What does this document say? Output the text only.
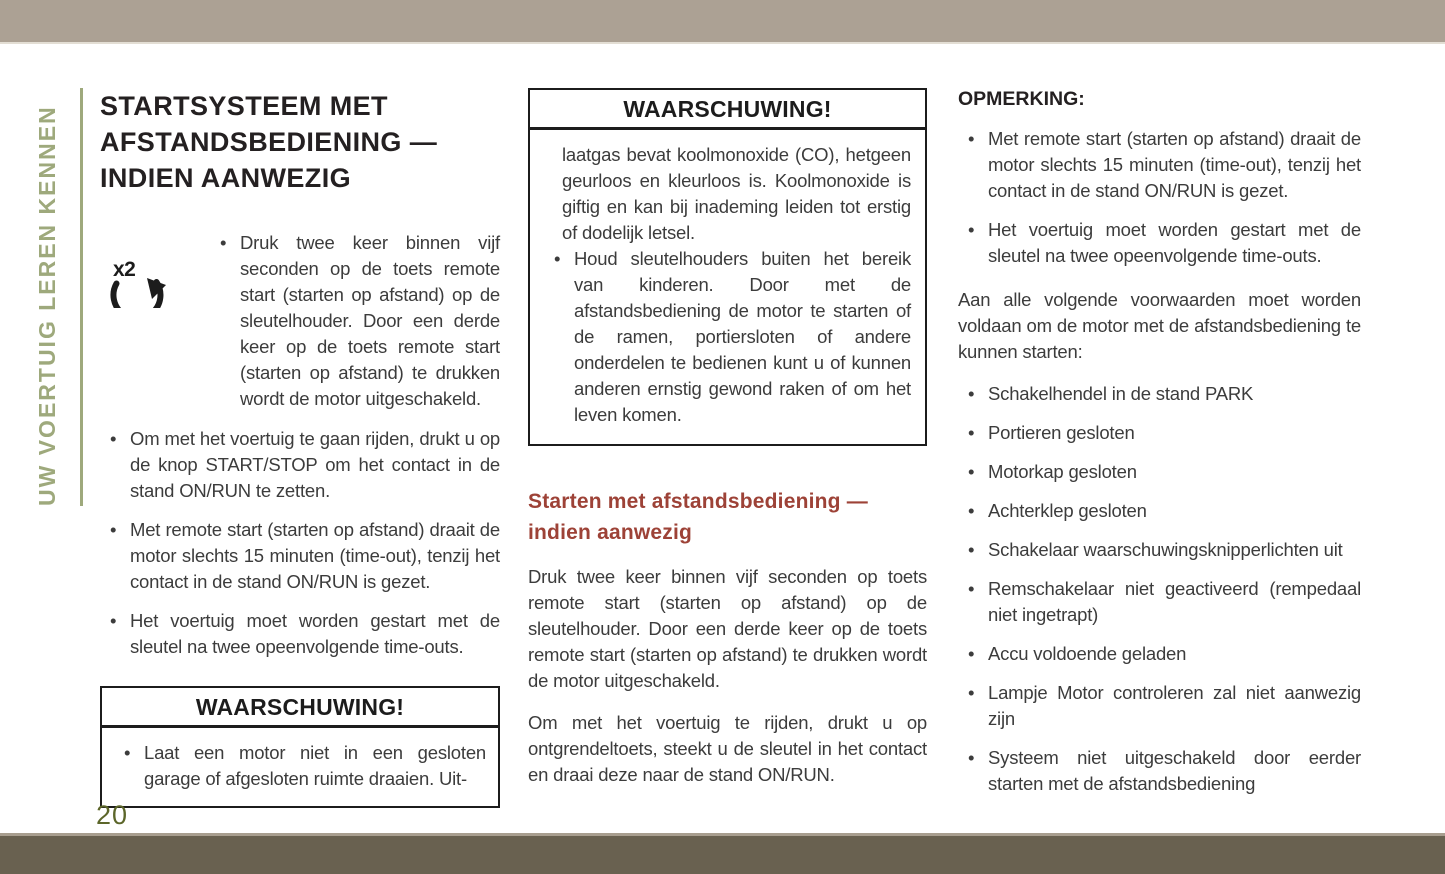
UW VOERTUIG LEREN KENNEN	STARTSYSTEEM MET
AFSTANDSBEDIENING —
INDIEN AANWEZIG
x2
• Druk twee keer binnen vijf seconden op de toets remote start (starten op afstand) op de sleutelhouder. Door een derde keer op de toets remote start (starten op afstand) te drukken wordt de motor uitgeschakeld.
• Om met het voertuig te gaan rijden, drukt u op de knop START/STOP om het contact in de stand ON/RUN te zetten.
• Met remote start (starten op afstand) draait de motor slechts 15 minuten (time-out), tenzij het contact in de stand ON/RUN is gezet.
• Het voertuig moet worden gestart met de sleutel na twee opeenvolgende time-outs.
WAARSCHUWING!
• Laat een motor niet in een gesloten garage of afgesloten ruimte draaien. Uit-
WAARSCHUWING!
laatgas bevat koolmonoxide (CO), hetgeen geurloos en kleurloos is. Koolmonoxide is giftig en kan bij inademing leiden tot erstig of dodelijk letsel.
• Houd sleutelhouders buiten het bereik van kinderen. Door met de afstandsbediening de motor te starten of de ramen, portiersloten of andere onderdelen te bedienen kunt u of kunnen anderen ernstig gewond raken of om het leven komen.
Starten met afstandsbediening — indien aanwezig
Druk twee keer binnen vijf seconden op toets remote start (starten op afstand) op de sleutelhouder. Door een derde keer op de toets remote start (starten op afstand) te drukken wordt de motor uitgeschakeld.
Om met het voertuig te rijden, drukt u op ontgrendeltoets, steekt u de sleutel in het contact en draai deze naar de stand ON/RUN.
OPMERKING:
• Met remote start (starten op afstand) draait de motor slechts 15 minuten (time-out), tenzij het contact in de stand ON/RUN is gezet.
• Het voertuig moet worden gestart met de sleutel na twee opeenvolgende time-outs.
Aan alle volgende voorwaarden moet worden voldaan om de motor met de afstandsbediening te kunnen starten:
• Schakelhendel in de stand PARK
• Portieren gesloten
• Motorkap gesloten
• Achterklep gesloten
• Schakelaar waarschuwingsknipperlichten uit
• Remschakelaar niet geactiveerd (rempedaal niet ingetrapt)
• Accu voldoende geladen
• Lampje Motor controleren zal niet aanwezig zijn
• Systeem niet uitgeschakeld door eerder starten met de afstandsbediening
20
